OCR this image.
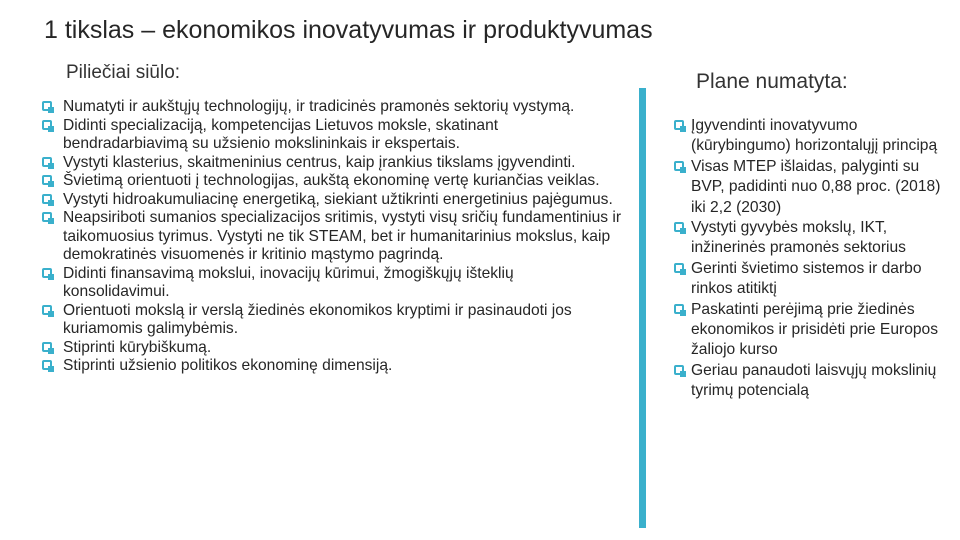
1 tikslas – ekonomikos inovatyvumas ir produktyvumas
Piliečiai siūlo:
Numatyti ir aukštųjų technologijų, ir tradicinės pramonės sektorių vystymą.
Didinti specializaciją, kompetencijas Lietuvos moksle, skatinant bendradarbiavimą su užsienio mokslininkais ir ekspertais.
Vystyti klasterius, skaitmeninius centrus, kaip įrankius tikslams įgyvendinti.
Švietimą orientuoti į technologijas, aukštą ekonominę vertę kuriančias veiklas.
Vystyti hidroakumuliacinę energetiką, siekiant užtikrinti energetinius pajėgumus.
Neapsiriboti sumanios specializacijos sritimis, vystyti visų sričių fundamentinius ir taikomuosius tyrimus. Vystyti ne tik STEAM, bet ir humanitarinius mokslus, kaip demokratinės visuomenės ir kritinio mąstymo pagrindą.
Didinti finansavimą mokslui, inovacijų kūrimui, žmogiškųjų išteklių konsolidavimui.
Orientuoti mokslą ir verslą žiedinės ekonomikos kryptimi ir pasinaudoti jos kuriamomis galimybėmis.
Stiprinti kūrybiškumą.
Stiprinti užsienio politikos ekonominę dimensiją.
Plane numatyta:
Įgyvendinti inovatyvumo (kūrybingumo) horizontalųjį principą
Visas MTEP išlaidas, palyginti su BVP, padidinti nuo 0,88 proc. (2018) iki 2,2 (2030)
Vystyti gyvybės mokslų, IKT, inžinerinės pramonės sektorius
Gerinti švietimo sistemos ir darbo rinkos atitiktį
Paskatinti perėjimą prie žiedinės ekonomikos ir prisidėti prie Europos žaliojo kurso
Geriau panaudoti laisvųjų mokslinių tyrimų potencialą
